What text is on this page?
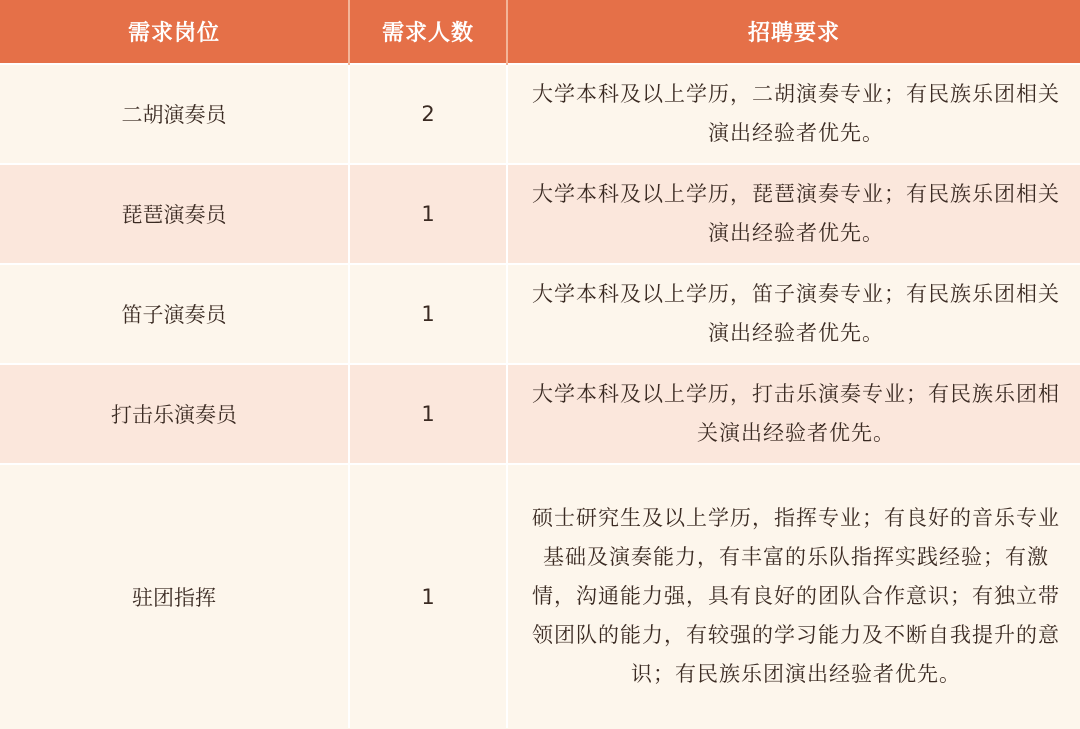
需求岗位	需求人数	招聘要求
二胡演奏员	2	大学本科及以上学历，二胡演奏专业；有民族乐团相关演出经验者优先。
琵琶演奏员	1	大学本科及以上学历，琵琶演奏专业；有民族乐团相关演出经验者优先。
笛子演奏员	1	大学本科及以上学历，笛子演奏专业；有民族乐团相关演出经验者优先。
打击乐演奏员	1	大学本科及以上学历，打击乐演奏专业；有民族乐团相关演出经验者优先。
驻团指挥	1	硕士研究生及以上学历，指挥专业；有良好的音乐专业基础及演奏能力，有丰富的乐队指挥实践经验；有激情，沟通能力强，具有良好的团队合作意识；有独立带领团队的能力，有较强的学习能力及不断自我提升的意识；有民族乐团演出经验者优先。
